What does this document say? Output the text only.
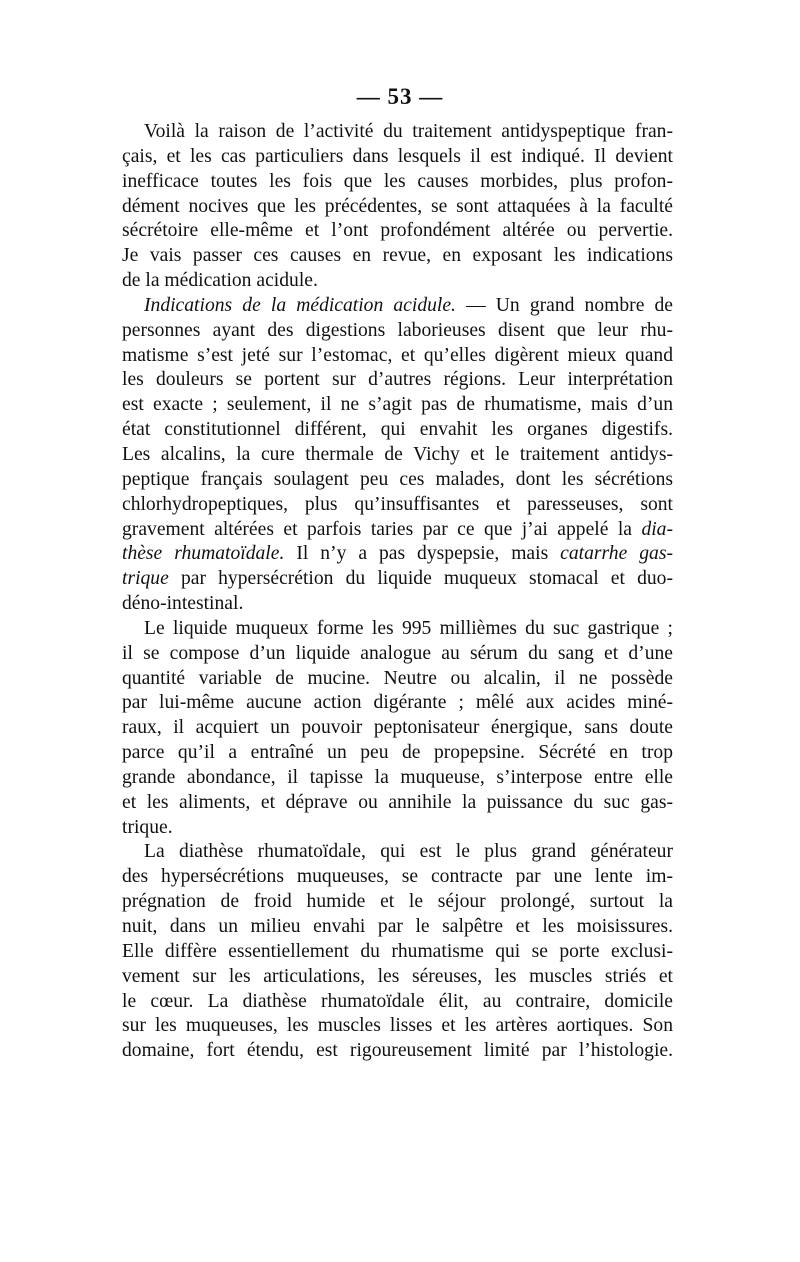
— 53 —
Voilà la raison de l’activité du traitement antidyspeptique fran-
çais, et les cas particuliers dans lesquels il est indiqué. Il devient
inefficace toutes les fois que les causes morbides, plus profon-
dément nocives que les précédentes, se sont attaquées à la faculté
sécrétoire elle-même et l’ont profondément altérée ou pervertie.
Je vais passer ces causes en revue, en exposant les indications
de la médication acidule.
Indications de la médication acidule. — Un grand nombre de
personnes ayant des digestions laborieuses disent que leur rhu-
matisme s’est jeté sur l’estomac, et qu’elles digèrent mieux quand
les douleurs se portent sur d’autres régions. Leur interprétation
est exacte ; seulement, il ne s’agit pas de rhumatisme, mais d’un
état constitutionnel différent, qui envahit les organes digestifs.
Les alcalins, la cure thermale de Vichy et le traitement antidys-
peptique français soulagent peu ces malades, dont les sécrétions
chlorhydropeptiques, plus qu’insuffisantes et paresseuses, sont
gravement altérées et parfois taries par ce que j’ai appelé la dia-
thèse rhumatoïdale. Il n’y a pas dyspepsie, mais catarrhe gas-
trique par hypersécrétion du liquide muqueux stomacal et duo-
déno-intestinal.
Le liquide muqueux forme les 995 millièmes du suc gastrique ;
il se compose d’un liquide analogue au sérum du sang et d’une
quantité variable de mucine. Neutre ou alcalin, il ne possède
par lui-même aucune action digérante ; mêlé aux acides miné-
raux, il acquiert un pouvoir peptonisateur énergique, sans doute
parce qu’il a entraîné un peu de propepsine. Sécrété en trop
grande abondance, il tapisse la muqueuse, s’interpose entre elle
et les aliments, et déprave ou annihile la puissance du suc gas-
trique.
La diathèse rhumatoïdale, qui est le plus grand générateur
des hypersécrétions muqueuses, se contracte par une lente im-
prégnation de froid humide et le séjour prolongé, surtout la
nuit, dans un milieu envahi par le salpêtre et les moisissures.
Elle diffère essentiellement du rhumatisme qui se porte exclusi-
vement sur les articulations, les séreuses, les muscles striés et
le cœur. La diathèse rhumatoïdale élit, au contraire, domicile
sur les muqueuses, les muscles lisses et les artères aortiques. Son
domaine, fort étendu, est rigoureusement limité par l’histologie.
